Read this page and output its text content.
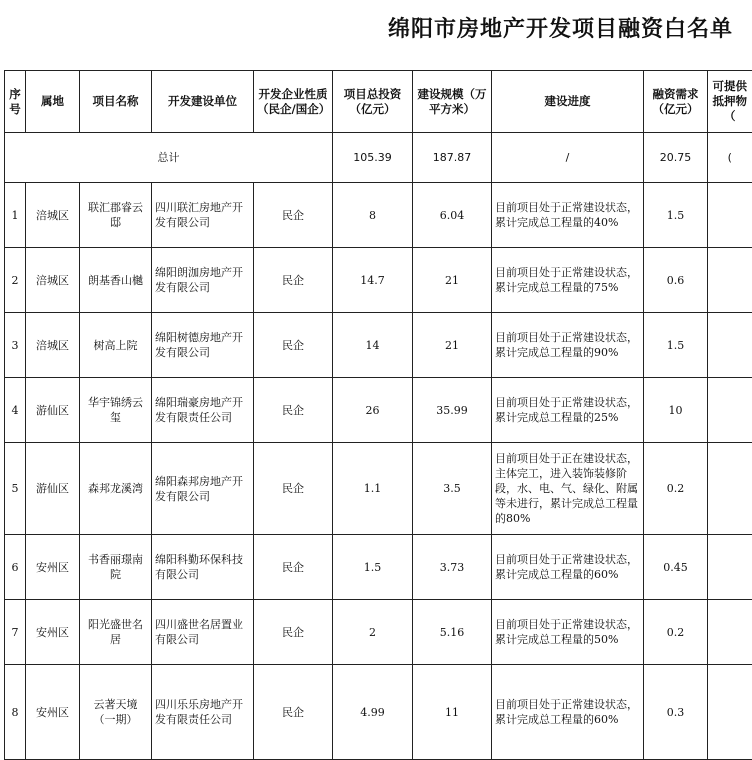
绵阳市房地产开发项目融资白名单
序号	属地	项目名称	开发建设单位	开发企业性质（民企/国企）	项目总投资（亿元）	建设规模（万平方米）	建设进度	融资需求（亿元）	可提供抵押物（
总计					105.39	187.87	/	20.75	(
1	涪城区	联汇郡睿云邸	四川联汇房地产开发有限公司	民企	8	6.04	目前项目处于正常建设状态，累计完成总工程量的40%	1.5	
2	涪城区	朗基香山樾	绵阳朗泇房地产开发有限公司	民企	14.7	21	目前项目处于正常建设状态，累计完成总工程量的75%	0.6	
3	涪城区	树高上院	绵阳树德房地产开发有限公司	民企	14	21	目前项目处于正常建设状态，累计完成总工程量的90%	1.5	
4	游仙区	华宇锦绣云玺	绵阳瑞豪房地产开发有限责任公司	民企	26	35.99	目前项目处于正常建设状态，累计完成总工程量的25%	10	
5	游仙区	森邦龙溪湾	绵阳森邦房地产开发有限公司	民企	1.1	3.5	目前项目处于正在建设状态，主体完工，进入装饰装修阶段，水、电、气、绿化、附属等未进行，累计完成总工程量的80%	0.2	
6	安州区	书香丽璟南院	绵阳科勤环保科技有限公司	民企	1.5	3.73	目前项目处于正常建设状态，累计完成总工程量的60%	0.45	
7	安州区	阳光盛世名居	四川盛世名居置业有限公司	民企	2	5.16	目前项目处于正常建设状态，累计完成总工程量的50%	0.2	
8	安州区	云著天境（一期）	四川乐乐房地产开发有限责任公司	民企	4.99	11	目前项目处于正常建设状态，累计完成总工程量的60%	0.3	
